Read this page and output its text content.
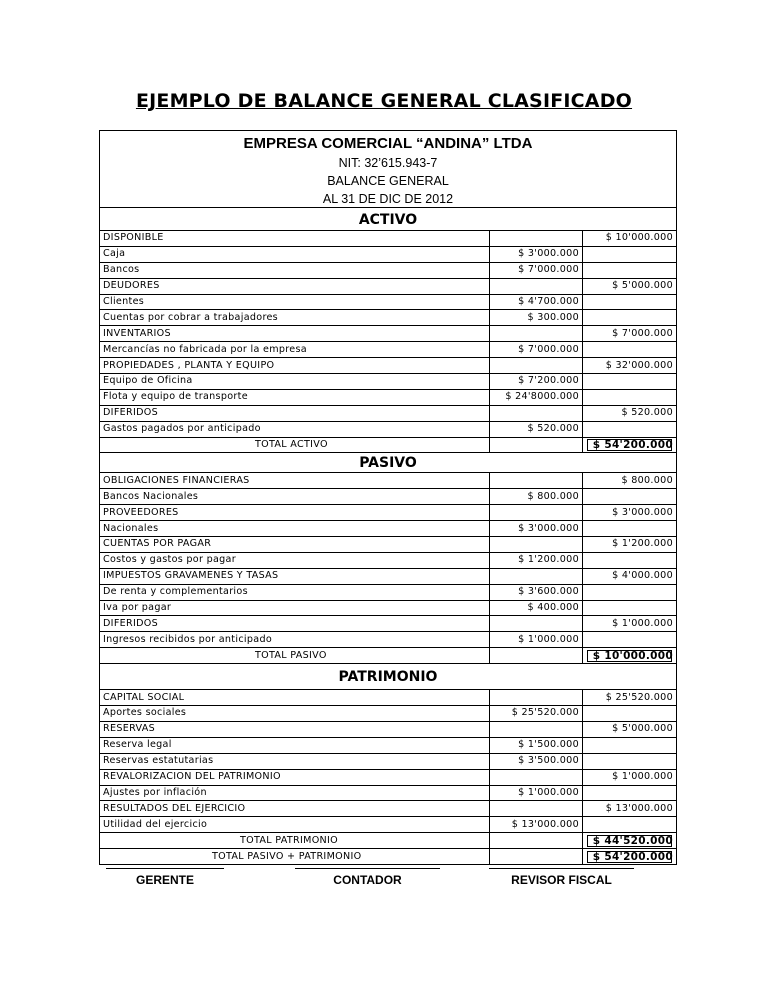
EJEMPLO DE BALANCE GENERAL CLASIFICADO
EMPRESA COMERCIAL “ANDINA” LTDA
NIT: 32’615.943-7
BALANCE GENERAL
AL 31 DE DIC DE 2012
ACTIVO
DISPONIBLE		$ 10'000.000
Caja	$ 3'000.000	
Bancos	$ 7'000.000	
DEUDORES		$ 5'000.000
Clientes	$ 4'700.000	
Cuentas por cobrar a trabajadores	$ 300.000	
INVENTARIOS		$ 7'000.000
Mercancías no fabricada por la empresa	$ 7'000.000	
PROPIEDADES , PLANTA Y EQUIPO		$ 32'000.000
Equipo de Oficina	$ 7'200.000	
Flota y equipo de transporte	$ 24'8000.000	
DIFERIDOS		$ 520.000
Gastos pagados por anticipado	$ 520.000	
TOTAL ACTIVO		$ 54'200.000
PASIVO
OBLIGACIONES FINANCIERAS		$ 800.000
Bancos Nacionales	$ 800.000	
PROVEEDORES		$ 3'000.000
Nacionales	$ 3'000.000	
CUENTAS POR PAGAR		$ 1'200.000
Costos y gastos por pagar	$ 1'200.000	
IMPUESTOS GRAVAMENES Y TASAS		$ 4'000.000
De renta y complementarios	$ 3'600.000	
Iva por pagar	$ 400.000	
DIFERIDOS		$ 1'000.000
Ingresos recibidos por anticipado	$ 1'000.000	
TOTAL PASIVO		$ 10'000.000
PATRIMONIO
CAPITAL SOCIAL		$ 25'520.000
Aportes sociales	$ 25'520.000	
RESERVAS		$ 5'000.000
Reserva legal	$ 1'500.000	
Reservas estatutarias	$ 3'500.000	
REVALORIZACION DEL PATRIMONIO		$ 1'000.000
Ajustes por inflación	$ 1'000.000	
RESULTADOS DEL EJERCICIO		$ 13'000.000
Utilidad del ejercicio	$ 13'000.000	
TOTAL PATRIMONIO		$ 44'520.000

TOTAL PASIVO + PATRIMONIO		$ 54'200.000
GERENTE	CONTADOR	REVISOR FISCAL
